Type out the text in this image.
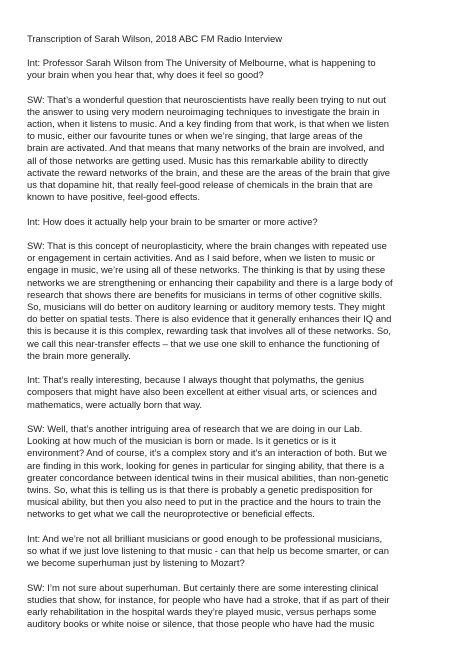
Transcription of Sarah Wilson, 2018 ABC FM Radio Interview
Int: Professor Sarah Wilson from The University of Melbourne, what is happening to
your brain when you hear that, why does it feel so good?
SW: That’s a wonderful question that neuroscientists have really been trying to nut out
the answer to using very modern neuroimaging techniques to investigate the brain in
action, when it listens to music. And a key finding from that work, is that when we listen
to music, either our favourite tunes or when we’re singing, that large areas of the
brain are activated. And that means that many networks of the brain are involved, and
all of those networks are getting used. Music has this remarkable ability to directly
activate the reward networks of the brain, and these are the areas of the brain that give
us that dopamine hit, that really feel-good release of chemicals in the brain that are
known to have positive, feel-good effects.
Int: How does it actually help your brain to be smarter or more active?
SW: That is this concept of neuroplasticity, where the brain changes with repeated use
or engagement in certain activities. And as I said before, when we listen to music or
engage in music, we’re using all of these networks. The thinking is that by using these
networks we are strengthening or enhancing their capability and there is a large body of
research that shows there are benefits for musicians in terms of other cognitive skills.
So, musicians will do better on auditory learning or auditory memory tests. They might
do better on spatial tests. There is also evidence that it generally enhances their IQ and
this is because it is this complex, rewarding task that involves all of these networks. So,
we call this near-transfer effects – that we use one skill to enhance the functioning of
the brain more generally.
Int: That’s really interesting, because I always thought that polymaths, the genius
composers that might have also been excellent at either visual arts, or sciences and
mathematics, were actually born that way.
SW: Well, that’s another intriguing area of research that we are doing in our Lab.
Looking at how much of the musician is born or made. Is it genetics or is it
environment? And of course, it’s a complex story and it’s an interaction of both. But we
are finding in this work, looking for genes in particular for singing ability, that there is a
greater concordance between identical twins in their musical abilities, than non-genetic
twins. So, what this is telling us is that there is probably a genetic predisposition for
musical ability, but then you also need to put in the practice and the hours to train the
networks to get what we call the neuroprotective or beneficial effects.
Int: And we’re not all brilliant musicians or good enough to be professional musicians,
so what if we just love listening to that music - can that help us become smarter, or can
we become superhuman just by listening to Mozart?
SW: I’m not sure about superhuman. But certainly there are some interesting clinical
studies that show, for instance, for people who have had a stroke, that if as part of their
early rehabilitation in the hospital wards they’re played music, versus perhaps some
auditory books or white noise or silence, that those people who have had the music
